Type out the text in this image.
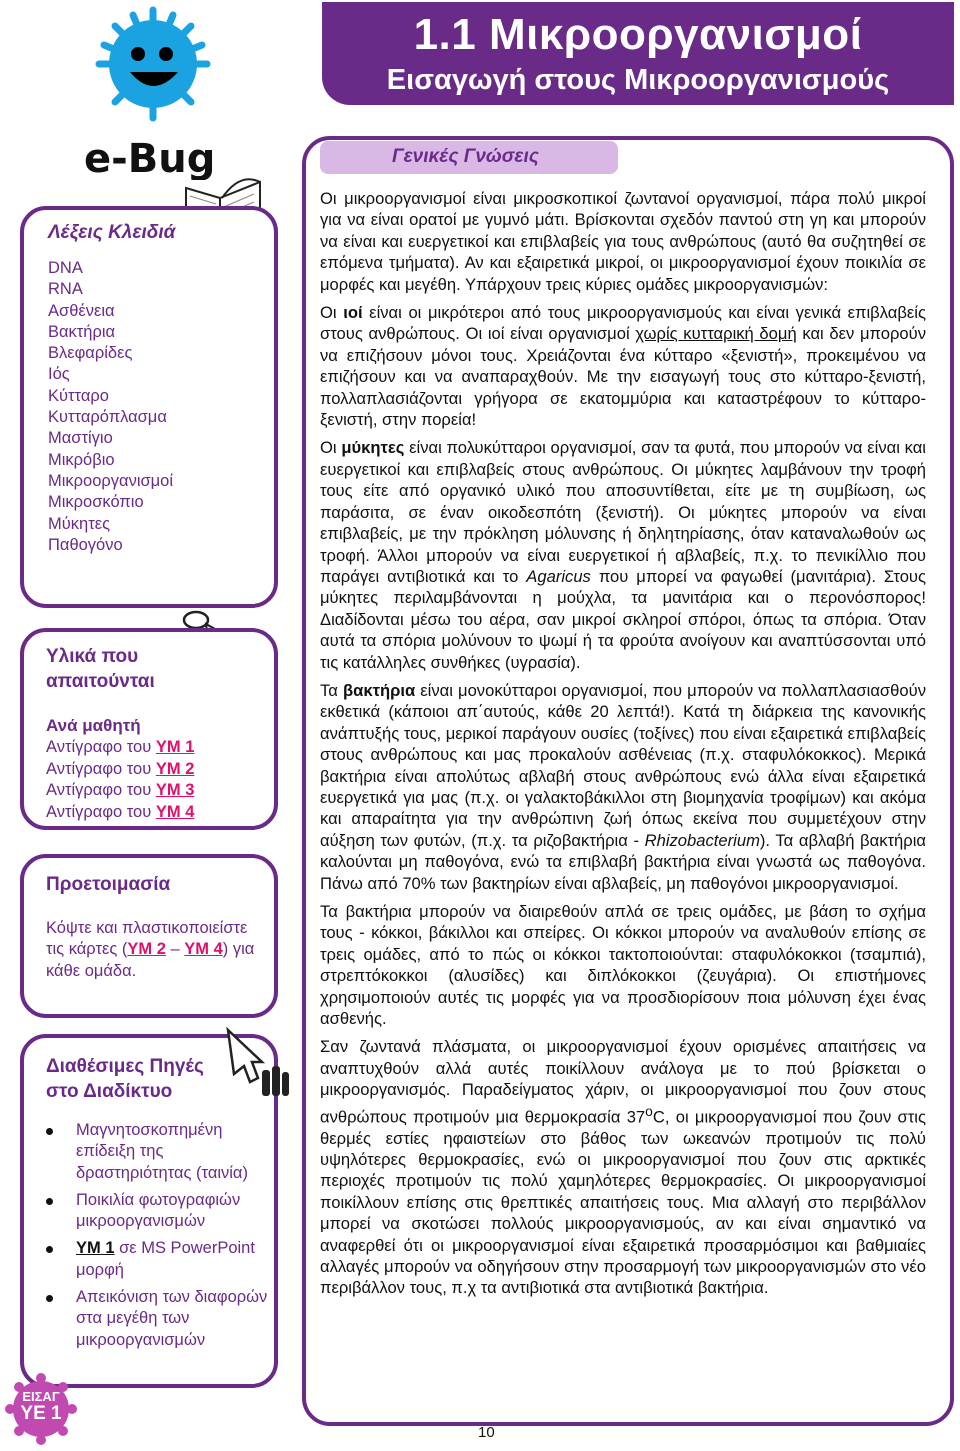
e-Bug
1.1 Μικροοργανισμοί
Εισαγωγή στους Μικροοργανισμούς
Λέξεις Κλειδιά
DNA
RNA
Ασθένεια
Βακτήρια
Βλεφαρίδες
Ιός
Κύτταρο
Κυτταρόπλασμα
Μαστίγιο
Μικρόβιο
Μικροοργανισμοί
Μικροσκόπιο
Μύκητες
Παθογόνο
Υλικά που απαιτούνται
Ανά μαθητή
Αντίγραφο του ΥΜ 1
Αντίγραφο του ΥΜ 2
Αντίγραφο του ΥΜ 3
Αντίγραφο του ΥΜ 4
Προετοιμασία
Κόψτε και πλαστικοποιείστε τις κάρτες (ΥΜ 2 – ΥΜ 4) για κάθε ομάδα.
Διαθέσιμες Πηγές στο Διαδίκτυο
Μαγνητοσκοπημένη επίδειξη της δραστηριότητας (ταινία)
Ποικιλία φωτογραφιών μικροοργανισμών
ΥΜ 1 σε MS PowerPoint μορφή
Απεικόνιση των διαφορών στα μεγέθη των μικροοργανισμών
ΕΙΣΑΓ
ΥΕ 1
Γενικές Γνώσεις

Οι μικροοργανισμοί είναι μικροσκοπικοί ζωντανοί οργανισμοί, πάρα πολύ μικροί για να είναι ορατοί με γυμνό μάτι. Βρίσκονται σχεδόν παντού στη γη και μπορούν να είναι και ευεργετικοί και επιβλαβείς για τους ανθρώπους (αυτό θα συζητηθεί σε επόμενα τμήματα). Αν και εξαιρετικά μικροί, οι μικροοργανισμοί έχουν ποικιλία σε μορφές και μεγέθη. Υπάρχουν τρεις κύριες ομάδες μικροοργανισμών:

Οι ιοί είναι οι μικρότεροι από τους μικροοργανισμούς και είναι γενικά επιβλαβείς στους ανθρώπους. Οι ιοί είναι οργανισμοί χωρίς κυτταρική δομή και δεν μπορούν να επιζήσουν μόνοι τους. Χρειάζονται ένα κύτταρο «ξενιστή», προκειμένου να επιζήσουν και να αναπαραχθούν. Με την εισαγωγή τους στο κύτταρο-ξενιστή, πολλαπλασιάζονται γρήγορα σε εκατομμύρια και καταστρέφουν το κύτταρο-ξενιστή, στην πορεία!

Οι μύκητες είναι πολυκύτταροι οργανισμοί, σαν τα φυτά, που μπορούν να είναι και ευεργετικοί και επιβλαβείς στους ανθρώπους. Οι μύκητες λαμβάνουν την τροφή τους είτε από οργανικό υλικό που αποσυντίθεται, είτε με τη συμβίωση, ως παράσιτα, σε έναν οικοδεσπότη (ξενιστή). Οι μύκητες μπορούν να είναι επιβλαβείς, με την πρόκληση μόλυνσης ή δηλητηρίασης, όταν καταναλωθούν ως τροφή. Άλλοι μπορούν να είναι ευεργετικοί ή αβλαβείς, π.χ. το πενικίλλιο που παράγει αντιβιοτικά και το Agaricus που μπορεί να φαγωθεί (μανιτάρια). Στους μύκητες περιλαμβάνονται η μούχλα, τα μανιτάρια και ο περονόσπορος! Διαδίδονται μέσω του αέρα, σαν μικροί σκληροί σπόροι, όπως τα σπόρια. Όταν αυτά τα σπόρια μολύνουν το ψωμί ή τα φρούτα ανοίγουν και αναπτύσσονται υπό τις κατάλληλες συνθήκες (υγρασία).

Τα βακτήρια είναι μονοκύτταροι οργανισμοί, που μπορούν να πολλαπλασιασθούν εκθετικά (κάποιοι απ΄αυτούς, κάθε 20 λεπτά!). Κατά τη διάρκεια της κανονικής ανάπτυξής τους, μερικοί παράγουν ουσίες (τοξίνες) που είναι εξαιρετικά επιβλαβείς στους ανθρώπους και μας προκαλούν ασθένειας (π.χ. σταφυλόκοκκος). Μερικά βακτήρια είναι απολύτως αβλαβή στους ανθρώπους ενώ άλλα είναι εξαιρετικά ευεργετικά για μας (π.χ. οι γαλακτοβάκιλλοι στη βιομηχανία τροφίμων) και ακόμα και απαραίτητα για την ανθρώπινη ζωή όπως εκείνα που συμμετέχουν στην αύξηση των φυτών, (π.χ. τα ριζοβακτήρια - Rhizobacterium). Τα αβλαβή βακτήρια καλούνται μη παθογόνα, ενώ τα επιβλαβή βακτήρια είναι γνωστά ως παθογόνα. Πάνω από 70% των βακτηρίων είναι αβλαβείς, μη παθογόνοι μικροοργανισμοί.

Τα βακτήρια μπορούν να διαιρεθούν απλά σε τρεις ομάδες, με βάση το σχήμα τους - κόκκοι, βάκιλλοι και σπείρες. Οι κόκκοι μπορούν να αναλυθούν επίσης σε τρεις ομάδες, από το πώς οι κόκκοι τακτοποιούνται: σταφυλόκοκκοι (τσαμπιά), στρεπτόκοκκοι (αλυσίδες) και διπλόκοκκοι (ζευγάρια). Οι επιστήμονες χρησιμοποιούν αυτές τις μορφές για να προσδιορίσουν ποια μόλυνση έχει ένας ασθενής.

Σαν ζωντανά πλάσματα, οι μικροοργανισμοί έχουν ορισμένες απαιτήσεις να αναπτυχθούν αλλά αυτές ποικίλλουν ανάλογα με το πού βρίσκεται ο μικροοργανισμός. Παραδείγματος χάριν, οι μικροοργανισμοί που ζουν στους ανθρώπους προτιμούν μια θερμοκρασία 37$^o$C, οι μικροοργανισμοί που ζουν στις θερμές εστίες ηφαιστείων στο βάθος των ωκεανών προτιμούν τις πολύ υψηλότερες θερμοκρασίες, ενώ οι μικροοργανισμοί που ζουν στις αρκτικές περιοχές προτιμούν τις πολύ χαμηλότερες θερμοκρασίες. Οι μικροοργανισμοί ποικίλλουν επίσης στις θρεπτικές απαιτήσεις τους. Μια αλλαγή στο περιβάλλον μπορεί να σκοτώσει πολλούς μικροοργανισμούς, αν και είναι σημαντικό να αναφερθεί ότι οι μικροοργανισμοί είναι εξαιρετικά προσαρμόσιμοι και βαθμιαίες αλλαγές μπορούν να οδηγήσουν στην προσαρμογή των μικροοργανισμών στο νέο περιβάλλον τους, π.χ τα αντιβιοτικά στα αντιβιοτικά βακτήρια.

10
